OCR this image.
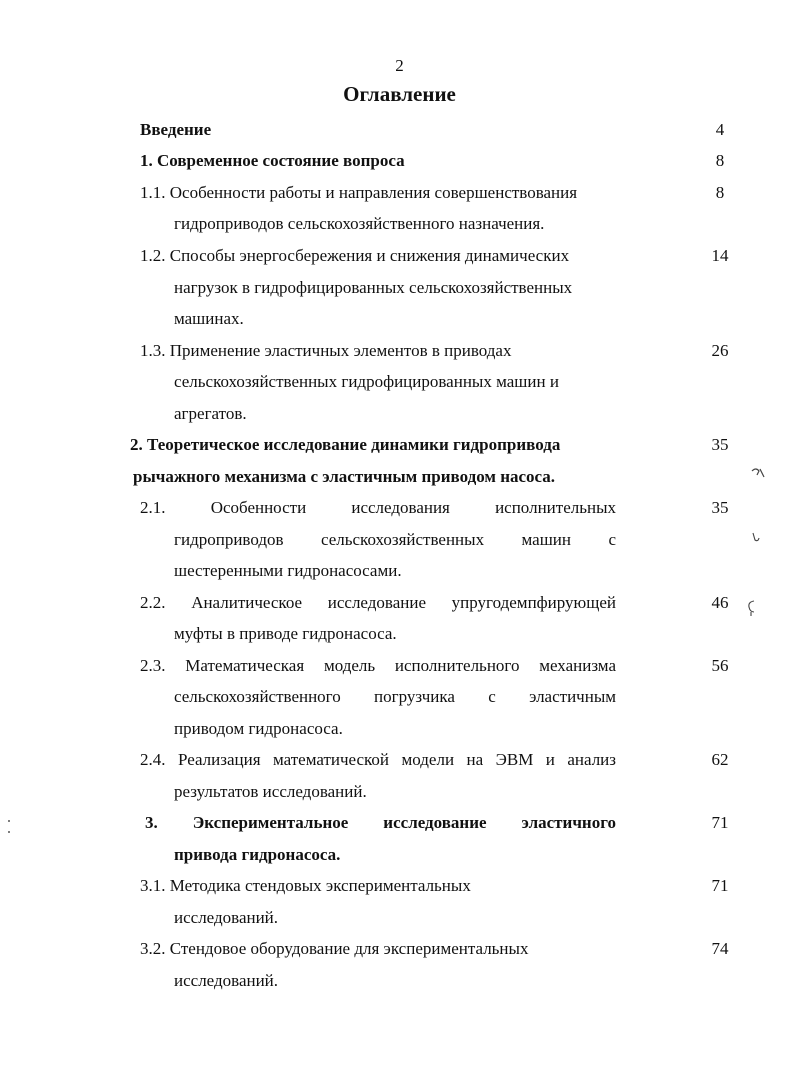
2
Оглавление
Введение	4
1. Современное состояние вопроса	8
1.1. Особенности работы и направления совершенствования
гидроприводов сельскохозяйственного назначения.
8
1.2. Способы энергосбережения и снижения динамических
нагрузок в гидрофицированных сельскохозяйственных
машинах.
14
1.3. Применение эластичных элементов в приводах
сельскохозяйственных гидрофицированных машин и
агрегатов.
26
2. Теоретическое исследование динамики гидропривода
рычажного механизма с эластичным приводом насоса.
35
2.1. Особенности исследования исполнительных
гидроприводов сельскохозяйственных машин с
шестеренными гидронасосами.
35
2.2. Аналитическое исследование упругодемпфирующей
муфты в приводе гидронасоса.
46
2.3. Математическая модель исполнительного механизма
сельскохозяйственного погрузчика с эластичным
приводом гидронасоса.
56
2.4. Реализация математической модели на ЭВМ и анализ
результатов исследований.
62
3. Экспериментальное исследование эластичного
привода гидронасоса.
71
3.1. Методика стендовых экспериментальных
исследований.
71
3.2. Стендовое оборудование для экспериментальных
исследований.
74
